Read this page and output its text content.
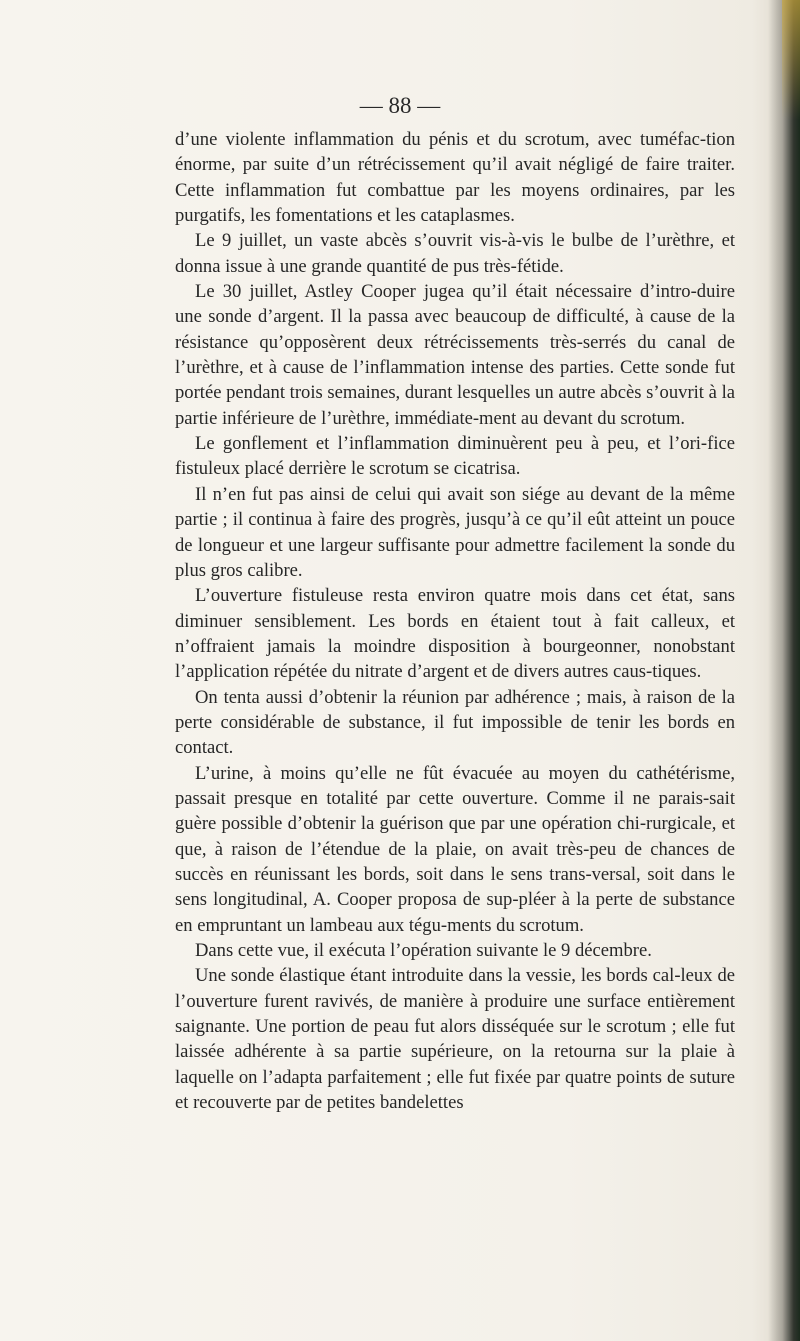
— 88 —

d’une violente inflammation du pénis et du scrotum, avec tuméfac-tion énorme, par suite d’un rétrécissement qu’il avait négligé de faire traiter. Cette inflammation fut combattue par les moyens ordinaires, par les purgatifs, les fomentations et les cataplasmes.

Le 9 juillet, un vaste abcès s’ouvrit vis-à-vis le bulbe de l’urèthre, et donna issue à une grande quantité de pus très-fétide.

Le 30 juillet, Astley Cooper jugea qu’il était nécessaire d’intro-duire une sonde d’argent. Il la passa avec beaucoup de difficulté, à cause de la résistance qu’opposèrent deux rétrécissements très-serrés du canal de l’urèthre, et à cause de l’inflammation intense des parties. Cette sonde fut portée pendant trois semaines, durant lesquelles un autre abcès s’ouvrit à la partie inférieure de l’urèthre, immédiate-ment au devant du scrotum.

Le gonflement et l’inflammation diminuèrent peu à peu, et l’ori-fice fistuleux placé derrière le scrotum se cicatrisa.

Il n’en fut pas ainsi de celui qui avait son siége au devant de la même partie ; il continua à faire des progrès, jusqu’à ce qu’il eût atteint un pouce de longueur et une largeur suffisante pour admettre facilement la sonde du plus gros calibre.

L’ouverture fistuleuse resta environ quatre mois dans cet état, sans diminuer sensiblement. Les bords en étaient tout à fait calleux, et n’offraient jamais la moindre disposition à bourgeonner, nonobstant l’application répétée du nitrate d’argent et de divers autres caus-tiques.

On tenta aussi d’obtenir la réunion par adhérence ; mais, à raison de la perte considérable de substance, il fut impossible de tenir les bords en contact.

L’urine, à moins qu’elle ne fût évacuée au moyen du cathétérisme, passait presque en totalité par cette ouverture. Comme il ne parais-sait guère possible d’obtenir la guérison que par une opération chi-rurgicale, et que, à raison de l’étendue de la plaie, on avait très-peu de chances de succès en réunissant les bords, soit dans le sens trans-versal, soit dans le sens longitudinal, A. Cooper proposa de sup-pléer à la perte de substance en empruntant un lambeau aux tégu-ments du scrotum.

Dans cette vue, il exécuta l’opération suivante le 9 décembre.

Une sonde élastique étant introduite dans la vessie, les bords cal-leux de l’ouverture furent ravivés, de manière à produire une surface entièrement saignante. Une portion de peau fut alors disséquée sur le scrotum ; elle fut laissée adhérente à sa partie supérieure, on la retourna sur la plaie à laquelle on l’adapta parfaitement ; elle fut fixée par quatre points de suture et recouverte par de petites bandelettes
